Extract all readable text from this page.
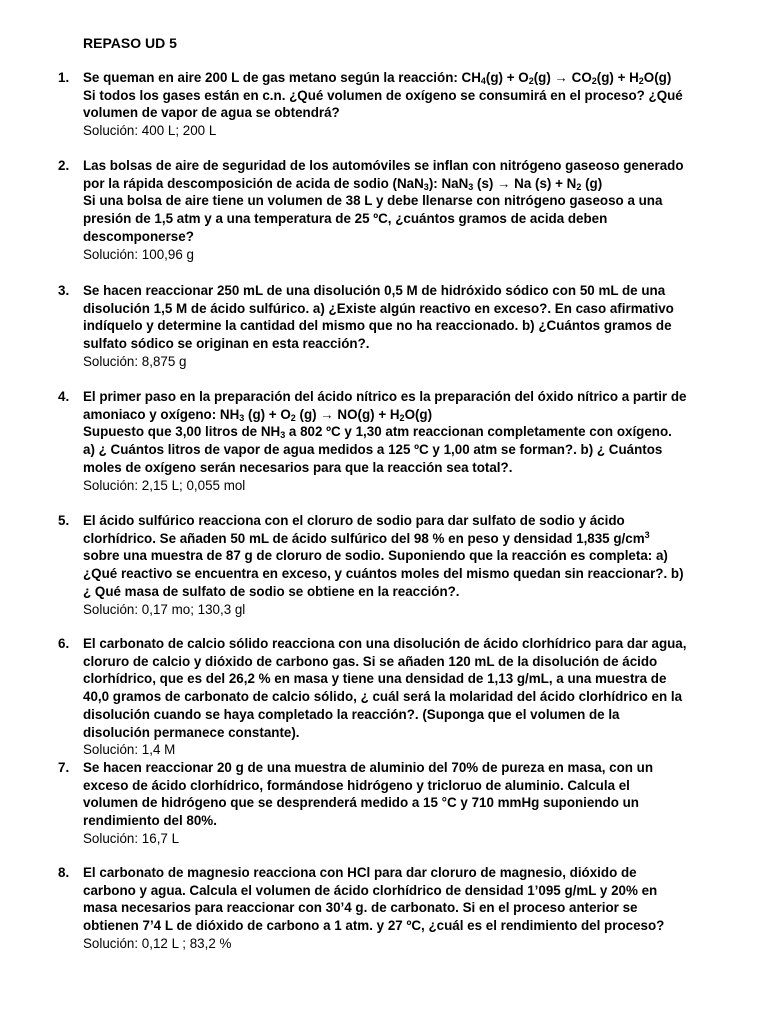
REPASO UD 5
1. Se queman en aire 200 L de gas metano según la reacción: $CH_4(g) + O_2(g) \to CO_2(g) + H_2O(g)$
Si todos los gases están en c.n. ¿Qué volumen de oxígeno se consumirá en el proceso? ¿Qué
volumen de vapor de agua se obtendrá?
Solución: 400 L; 200 L
2. Las bolsas de aire de seguridad de los automóviles se inflan con nitrógeno gaseoso generado
por la rápida descomposición de acida de sodio (NaN$_3$): NaN$_3$ (s) → Na $(s) + N_2$ (g)
Si una bolsa de aire tiene un volumen de 38 L y debe llenarse con nitrógeno gaseoso a una
presión de 1,5 atm y a una temperatura de 25 ºC, ¿cuántos gramos de acida deben
descomponerse?
Solución: 100,96 g
3. Se hacen reaccionar 250 mL de una disolución 0,5 M de hidróxido sódico con 50 mL de una
disolución 1,5 M de ácido sulfúrico. a) ¿Existe algún reactivo en exceso?. En caso afirmativo
indíquelo y determine la cantidad del mismo que no ha reaccionado. b) ¿Cuántos gramos de
sulfato sódico se originan en esta reacción?.
Solución: 8,875 g
4. El primer paso en la preparación del ácido nítrico es la preparación del óxido nítrico a partir de
amoniaco y oxígeno: $NH_3$ $(g) + O_2$ $(g) \to NO(g) + H_2O(g)$
Supuesto que 3,00 litros de $NH_3$ a 802 ºC y 1,30 atm reaccionan completamente con oxígeno.
a) ¿ Cuántos litros de vapor de agua medidos a 125 ºC y 1,00 atm se forman?. b) ¿ Cuántos
moles de oxígeno serán necesarios para que la reacción sea total?.
Solución: 2,15 L; 0,055 mol
5. El ácido sulfúrico reacciona con el cloruro de sodio para dar sulfato de sodio y ácido
clorhídrico. Se añaden 50 mL de ácido sulfúrico del 98 % en peso y densidad 1,835 $g/cm^3$
sobre una muestra de 87 g de cloruro de sodio. Suponiendo que la reacción es completa: a)
¿Qué reactivo se encuentra en exceso, y cuántos moles del mismo quedan sin reaccionar?. b)
¿ Qué masa de sulfato de sodio se obtiene en la reacción?.
Solución: 0,17 mo; 130,3 gl
6. El carbonato de calcio sólido reacciona con una disolución de ácido clorhídrico para dar agua,
cloruro de calcio y dióxido de carbono gas. Si se añaden 120 mL de la disolución de ácido
clorhídrico, que es del 26,2 % en masa y tiene una densidad de 1,13 g/mL, a una muestra de
40,0 gramos de carbonato de calcio sólido, ¿ cuál será la molaridad del ácido clorhídrico en la
disolución cuando se haya completado la reacción?. (Suponga que el volumen de la
disolución permanece constante).
Solución: 1,4 M
7. Se hacen reaccionar 20 g de una muestra de aluminio del 70% de pureza en masa, con un
exceso de ácido clorhídrico, formándose hidrógeno y tricloruo de aluminio. Calcula el
volumen de hidrógeno que se desprenderá medido a 15 °C y 710 mmHg suponiendo un
rendimiento del 80%.
Solución: 16,7 L
8. El carbonato de magnesio reacciona con HCl para dar cloruro de magnesio, dióxido de
carbono y agua. Calcula el volumen de ácido clorhídrico de densidad 1’095 g/mL y 20% en
masa necesarios para reaccionar con 30’4 g. de carbonato. Si en el proceso anterior se
obtienen 7’4 L de dióxido de carbono a 1 atm. y 27 ºC, ¿cuál es el rendimiento del proceso?
Solución: 0,12 L ; 83,2 %
